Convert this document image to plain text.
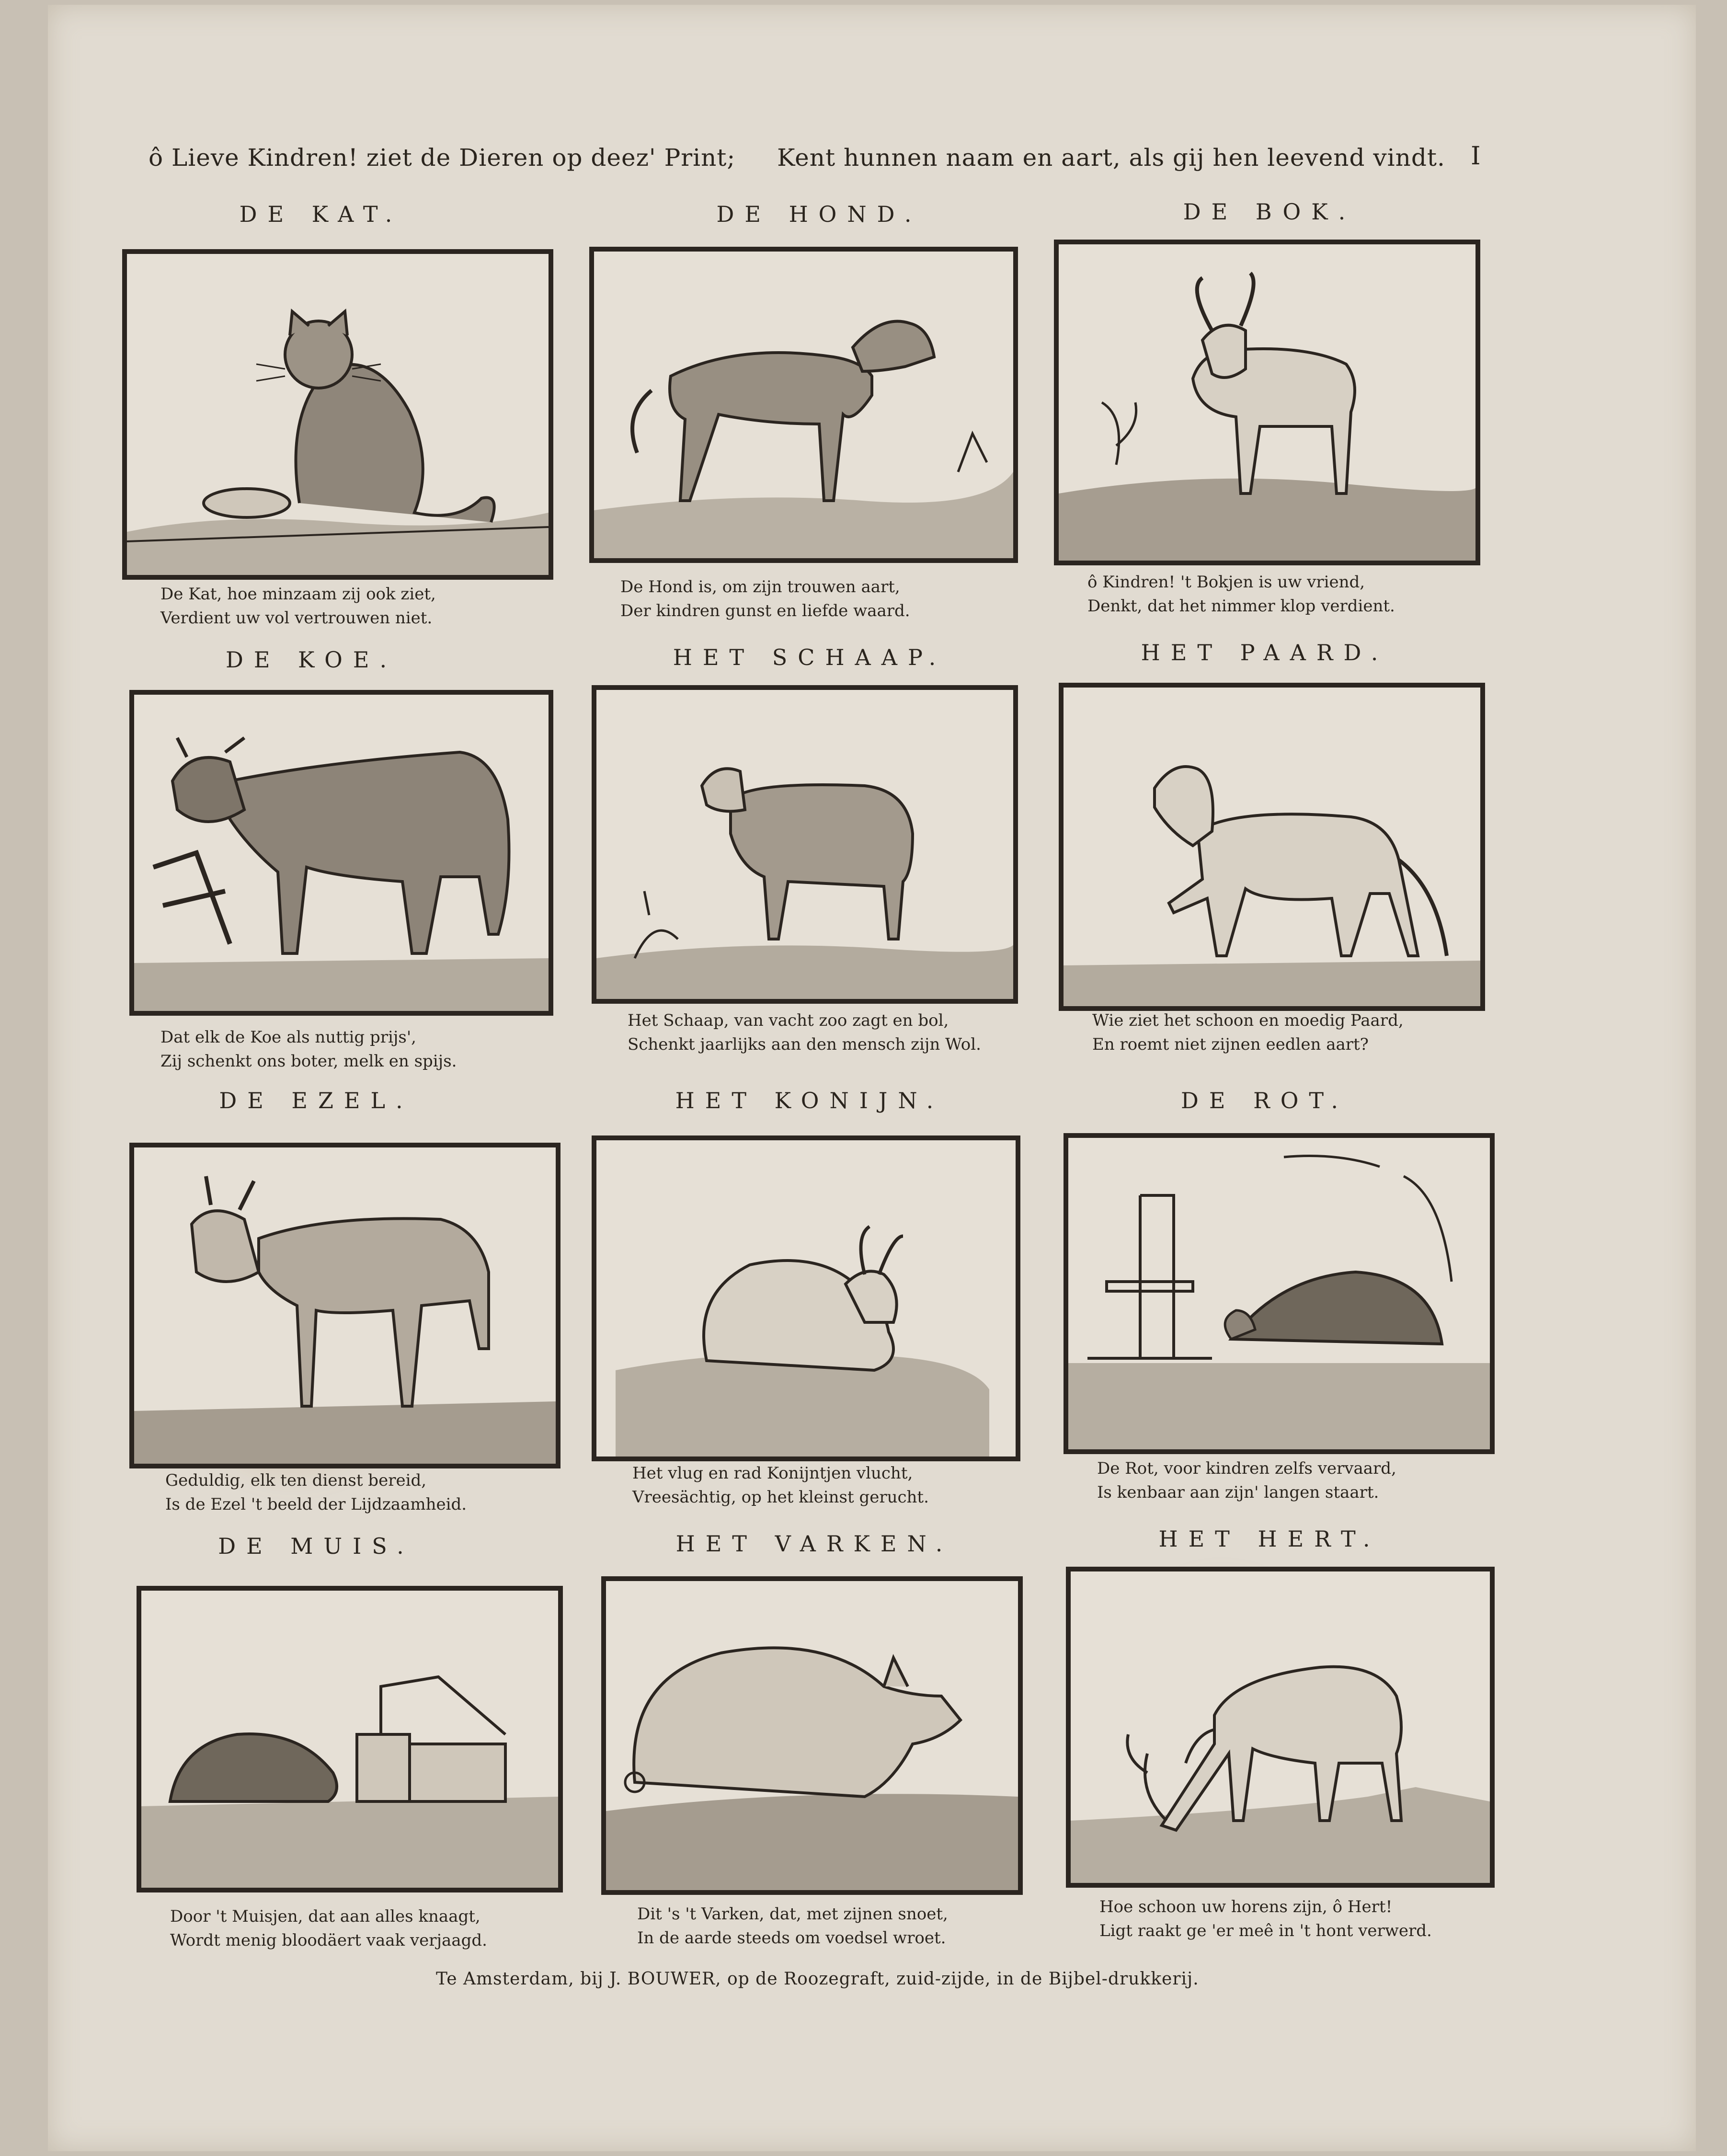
ô Lieve Kindren! ziet de Dieren op deez' Print; Kent hunnen naam en aart, als gij hen leevend vindt.	I
DE KAT.
De Kat, hoe minzaam zij ook ziet,
Verdient uw vol vertrouwen niet.
DE HOND.
De Hond is, om zijn trouwen aart,
Der kindren gunst en liefde waard.
DE BOK.
ô Kindren! 't Bokjen is uw vriend,
Denkt, dat het nimmer klop verdient.
DE KOE.
Dat elk de Koe als nuttig prijs',
Zij schenkt ons boter, melk en spijs.
HET SCHAAP.
Het Schaap, van vacht zoo zagt en bol,
Schenkt jaarlijks aan den mensch zijn Wol.
HET PAARD.
Wie ziet het schoon en moedig Paard,
En roemt niet zijnen eedlen aart?
DE EZEL.
Geduldig, elk ten dienst bereid,
Is de Ezel 't beeld der Lijdzaamheid.
HET KONIJN.
Het vlug en rad Konijntjen vlucht,
Vreesächtig, op het kleinst gerucht.
DE ROT.
De Rot, voor kindren zelfs vervaard,
Is kenbaar aan zijn' langen staart.
DE MUIS.
Door 't Muisjen, dat aan alles knaagt,
Wordt menig bloodäert vaak verjaagd.
HET VARKEN.
Dit 's 't Varken, dat, met zijnen snoet,
In de aarde steeds om voedsel wroet.
HET HERT.
Hoe schoon uw horens zijn, ô Hert!
Ligt raakt ge 'er meê in 't hont verwerd.
Te Amsterdam, bij J. BOUWER, op de Roozegraft, zuid-zijde, in de Bijbel-drukkerij.
